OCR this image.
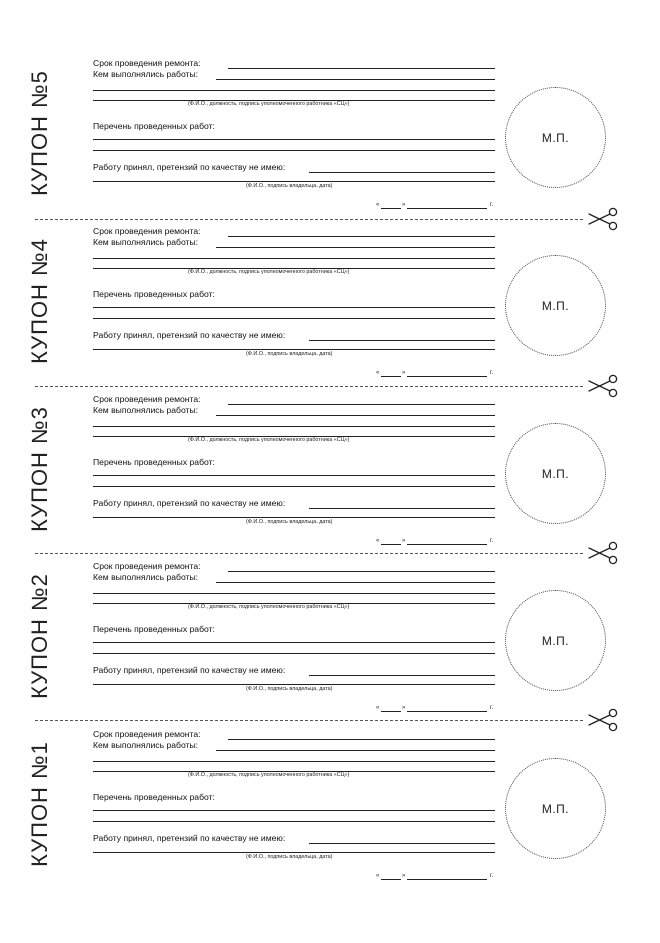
КУПОН №5
Срок проведения ремонта:
Кем выполнялись работы:
(Ф.И.О., должность, подпись уполномоченного работника «СЦ»)
Перечень проведенных работ:
Работу принял, претензий по качеству не имею:
(Ф.И.О., подпись владельца, дата)
«	»	г.
М.П.
КУПОН №4
Срок проведения ремонта:
Кем выполнялись работы:
(Ф.И.О., должность, подпись уполномоченного работника «СЦ»)
Перечень проведенных работ:
Работу принял, претензий по качеству не имею:
(Ф.И.О., подпись владельца, дата)
«	»	г.
М.П.
КУПОН №3
Срок проведения ремонта:
Кем выполнялись работы:
(Ф.И.О., должность, подпись уполномоченного работника «СЦ»)
Перечень проведенных работ:
Работу принял, претензий по качеству не имею:
(Ф.И.О., подпись владельца, дата)
«	»	г.
М.П.
КУПОН №2
Срок проведения ремонта:
Кем выполнялись работы:
(Ф.И.О., должность, подпись уполномоченного работника «СЦ»)
Перечень проведенных работ:
Работу принял, претензий по качеству не имею:
(Ф.И.О., подпись владельца, дата)
«	»	г.
М.П.
КУПОН №1
Срок проведения ремонта:
Кем выполнялись работы:
(Ф.И.О., должность, подпись уполномоченного работника «СЦ»)
Перечень проведенных работ:
Работу принял, претензий по качеству не имею:
(Ф.И.О., подпись владельца, дата)
«	»	г.
М.П.
